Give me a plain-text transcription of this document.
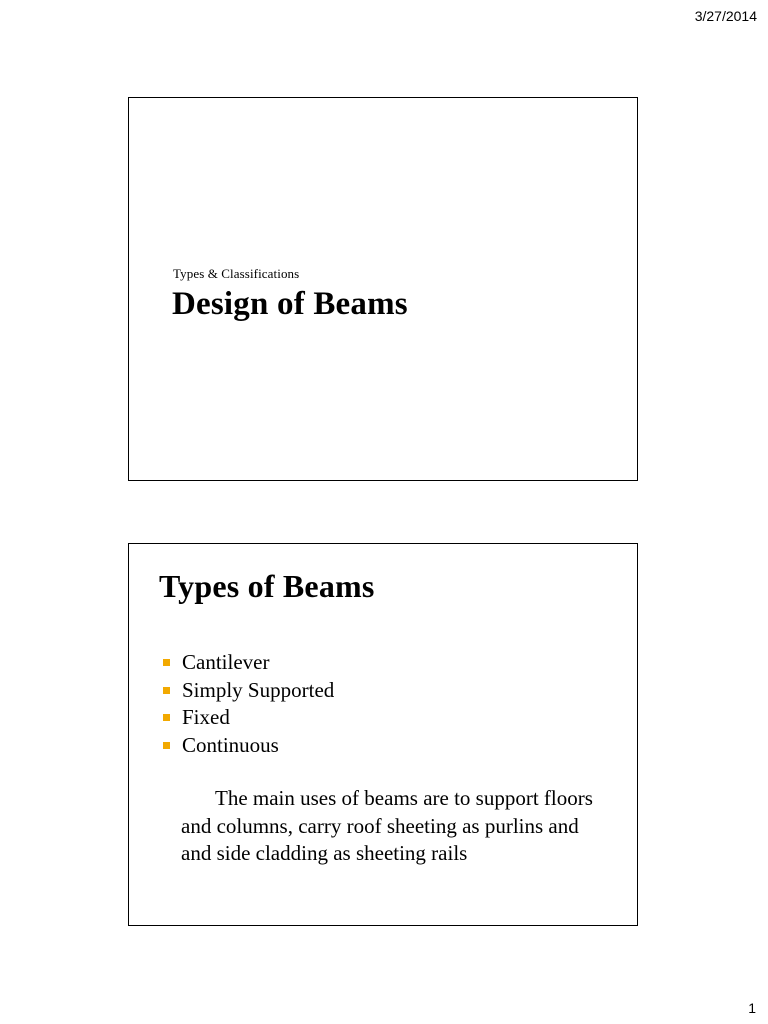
3/27/2014
Types & Classifications
Design of Beams
Types of Beams
Cantilever
Simply Supported
Fixed
Continuous
The main uses of beams are to support floors and columns, carry roof sheeting as purlins and and side cladding as sheeting rails
1
